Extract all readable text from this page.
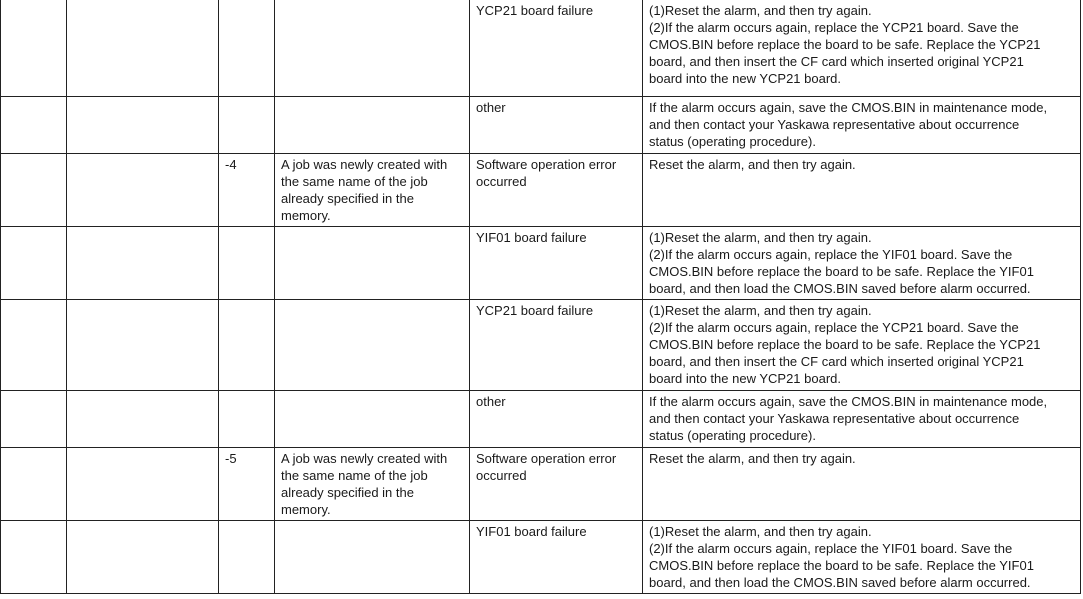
				YCP21 board failure	(1)Reset the alarm, and then try again.
(2)If the alarm occurs again, replace the YCP21 board. Save the
CMOS.BIN before replace the board to be safe. Replace the YCP21
board, and then insert the CF card which inserted original YCP21
board into the new YCP21 board.

				other	If the alarm occurs again, save the CMOS.BIN in maintenance mode,
and then contact your Yaskawa representative about occurrence
status (operating procedure).

		-4	A job was newly created with
the same name of the job
already specified in the
memory.	Software operation error
occurred	Reset the alarm, and then try again.

				YIF01 board failure	(1)Reset the alarm, and then try again.
(2)If the alarm occurs again, replace the YIF01 board. Save the
CMOS.BIN before replace the board to be safe. Replace the YIF01
board, and then load the CMOS.BIN saved before alarm occurred.

				YCP21 board failure	(1)Reset the alarm, and then try again.
(2)If the alarm occurs again, replace the YCP21 board. Save the
CMOS.BIN before replace the board to be safe. Replace the YCP21
board, and then insert the CF card which inserted original YCP21
board into the new YCP21 board.

				other	If the alarm occurs again, save the CMOS.BIN in maintenance mode,
and then contact your Yaskawa representative about occurrence
status (operating procedure).

		-5	A job was newly created with
the same name of the job
already specified in the
memory.	Software operation error
occurred	Reset the alarm, and then try again.

				YIF01 board failure	(1)Reset the alarm, and then try again.
(2)If the alarm occurs again, replace the YIF01 board. Save the
CMOS.BIN before replace the board to be safe. Replace the YIF01
board, and then load the CMOS.BIN saved before alarm occurred.
